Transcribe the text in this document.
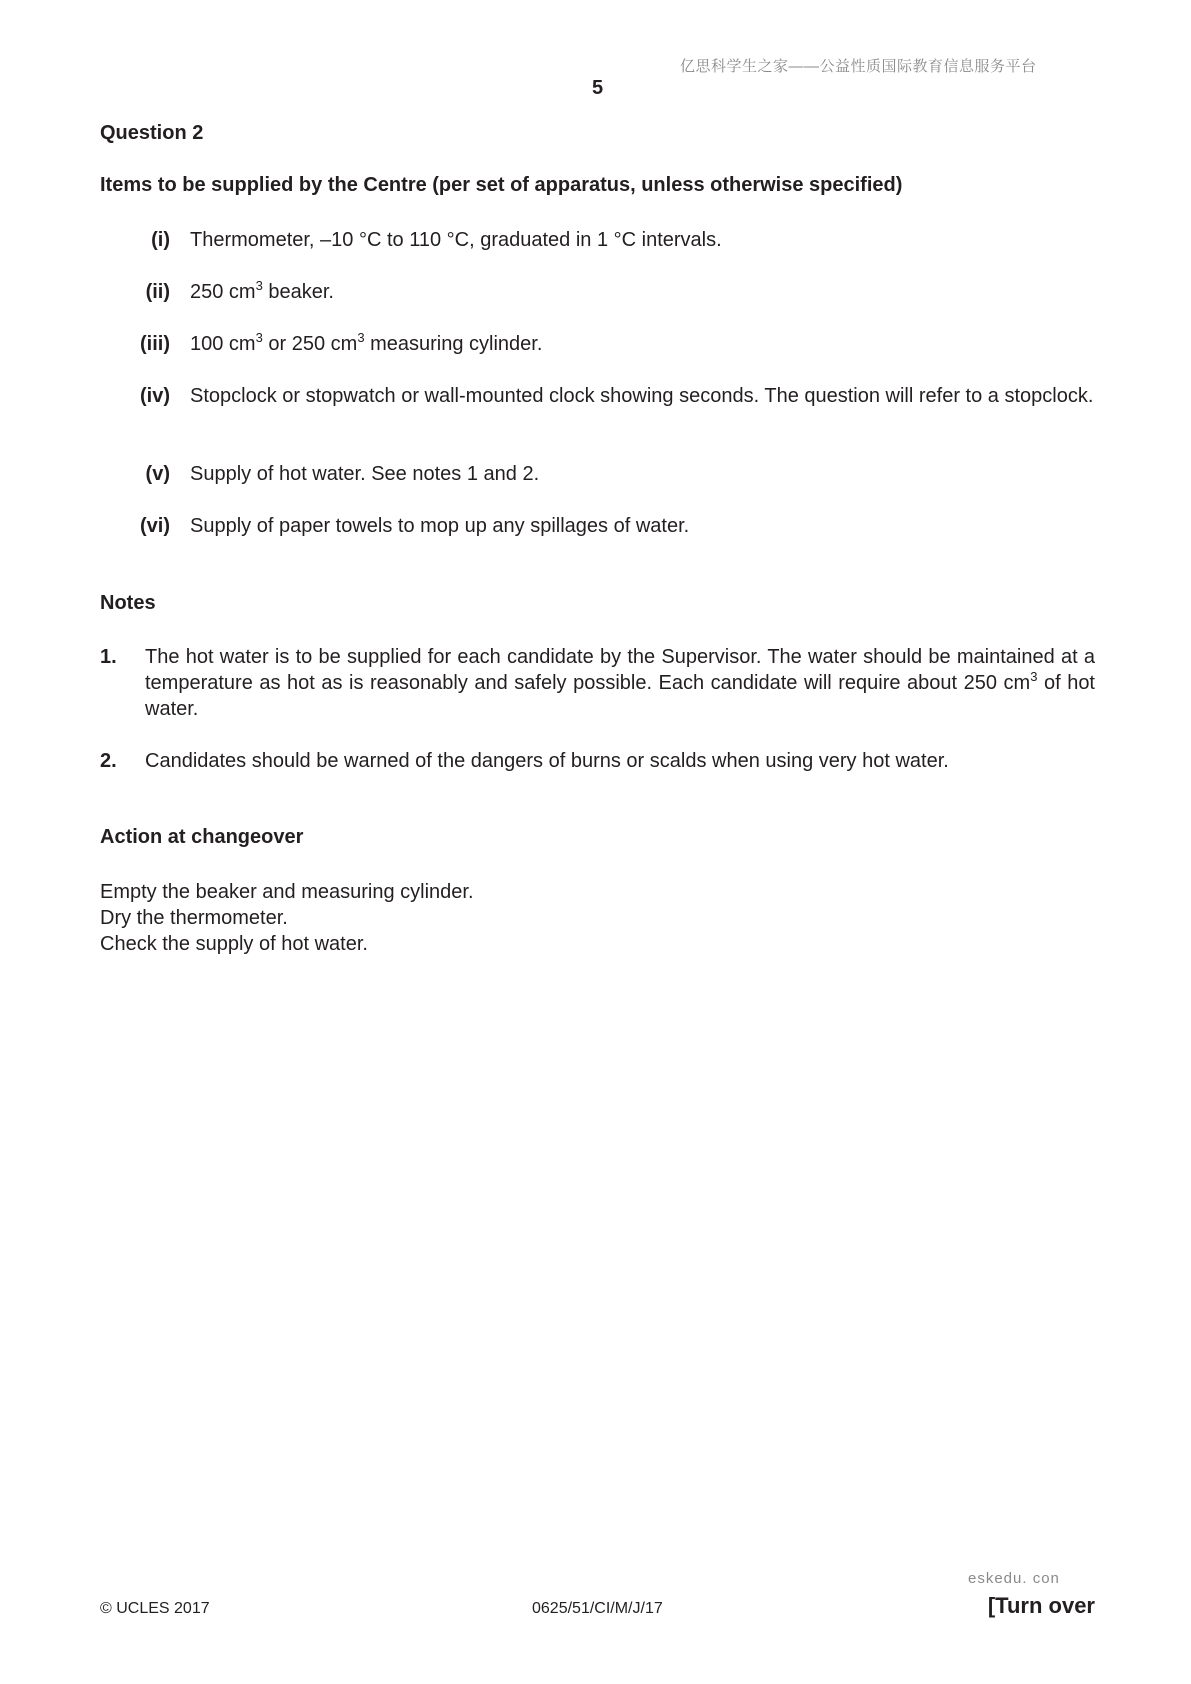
亿思科学生之家——公益性质国际教育信息服务平台
5
Question 2
Items to be supplied by the Centre (per set of apparatus, unless otherwise specified)
(i) Thermometer, –10 °C to 110 °C, graduated in 1 °C intervals.
(ii) 250 $cm^3$ beaker.
(iii) 100 $cm^3$ or 250 $cm^3$ measuring cylinder.
(iv) Stopclock or stopwatch or wall-mounted clock showing seconds. The question will refer to a stopclock.
(v) Supply of hot water. See notes 1 and 2.
(vi) Supply of paper towels to mop up any spillages of water.
Notes
1.	The hot water is to be supplied for each candidate by the Supervisor. The water should be maintained at a temperature as hot as is reasonably and safely possible. Each candidate will require about 250 $cm^3$ of hot water.
2.	Candidates should be warned of the dangers of burns or scalds when using very hot water.
Action at changeover
Empty the beaker and measuring cylinder.
Dry the thermometer.
Check the supply of hot water.
eskedu. con
© UCLES 2017	0625/51/CI/M/J/17	[Turn over
